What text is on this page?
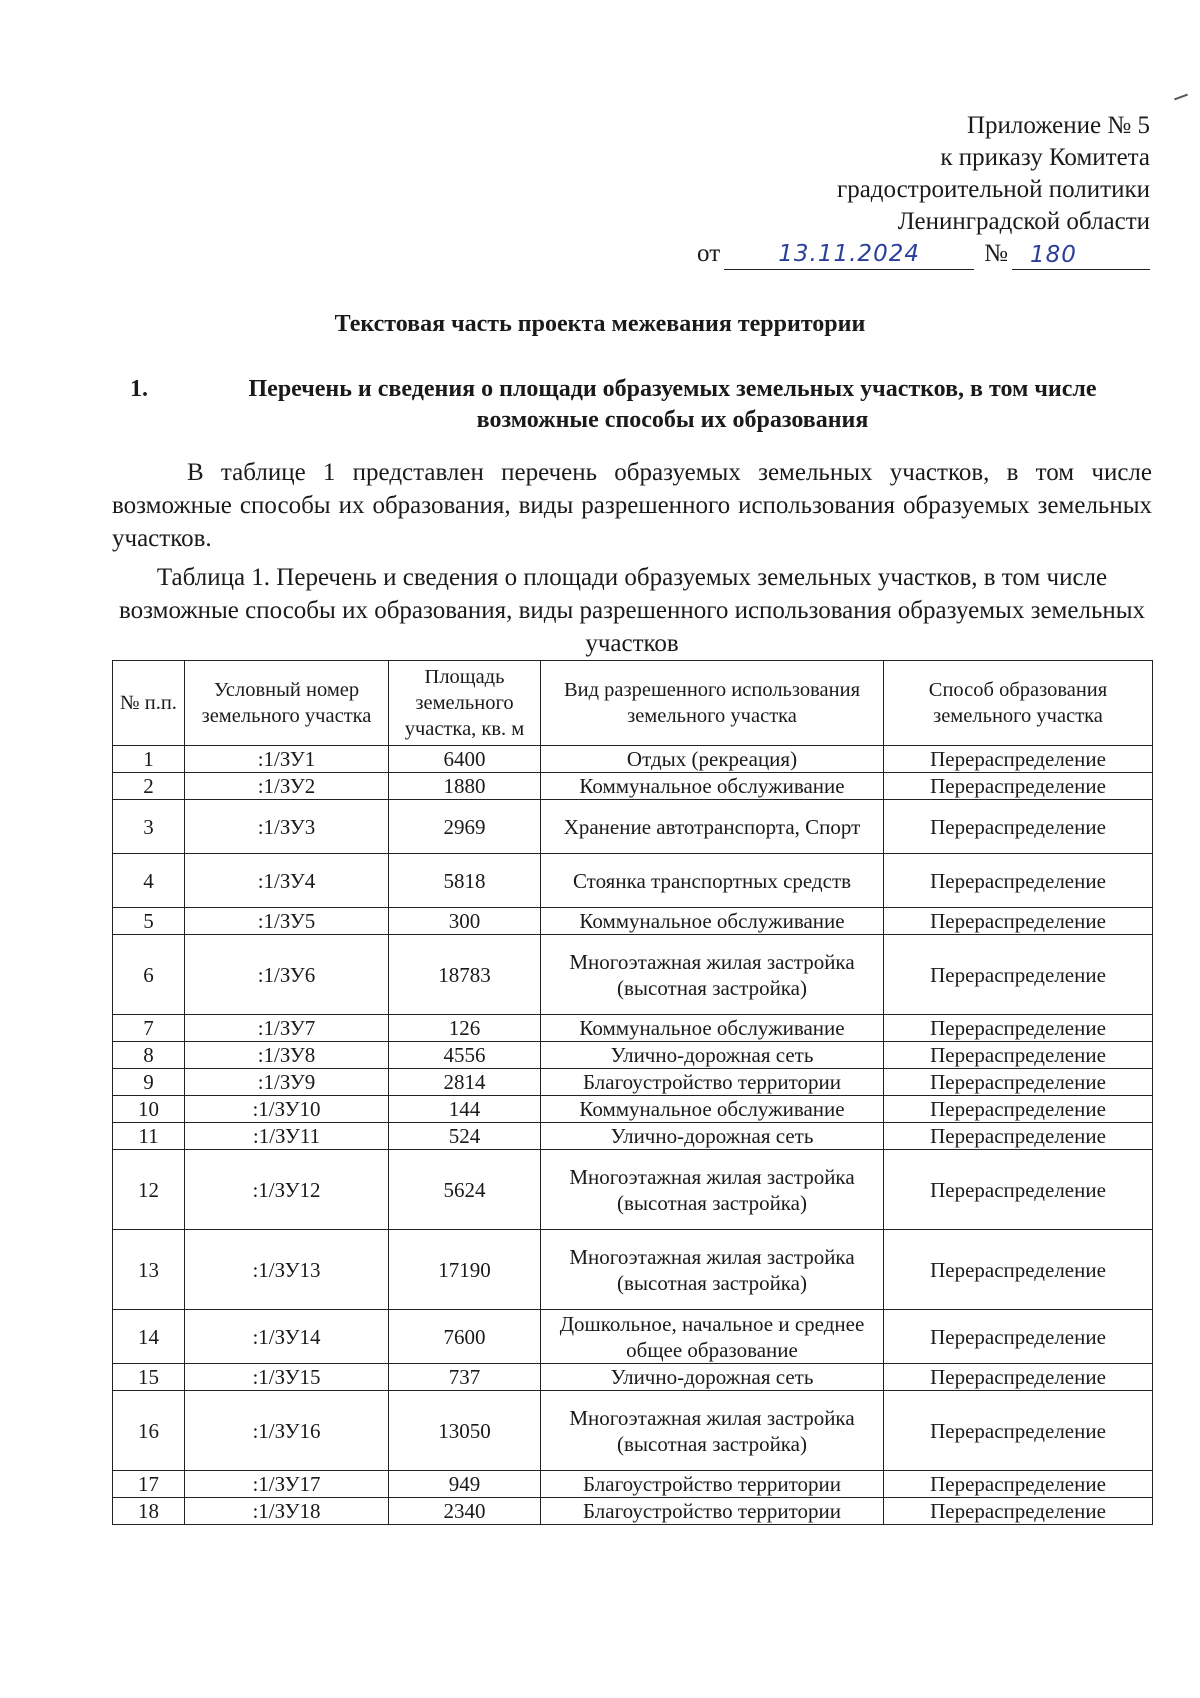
Приложение № 5
к приказу Комитета
градостроительной политики
Ленинградской области
от	13.11.2024	№ 180
Текстовая часть проекта межевания территории
1.	Перечень и сведения о площади образуемых земельных участков, в том числе возможные способы их образования
В таблице 1 представлен перечень образуемых земельных участков, в том числе возможные способы их образования, виды разрешенного использования образуемых земельных участков.
Таблица 1. Перечень и сведения о площади образуемых земельных участков, в том числе возможные способы их образования, виды разрешенного использования образуемых земельных участков
№ п.п.	Условный номер земельного участка	Площадь земельного участка, кв. м	Вид разрешенного использования земельного участка	Способ образования земельного участка
1	:1/ЗУ1	6400	Отдых (рекреация)	Перераспределение
2	:1/ЗУ2	1880	Коммунальное обслуживание	Перераспределение
3	:1/ЗУ3	2969	Хранение автотранспорта, Спорт	Перераспределение
4	:1/ЗУ4	5818	Стоянка транспортных средств	Перераспределение
5	:1/ЗУ5	300	Коммунальное обслуживание	Перераспределение
6	:1/ЗУ6	18783	Многоэтажная жилая застройка (высотная застройка)	Перераспределение
7	:1/ЗУ7	126	Коммунальное обслуживание	Перераспределение
8	:1/ЗУ8	4556	Улично-дорожная сеть	Перераспределение
9	:1/ЗУ9	2814	Благоустройство территории	Перераспределение
10	:1/ЗУ10	144	Коммунальное обслуживание	Перераспределение
11	:1/ЗУ11	524	Улично-дорожная сеть	Перераспределение
12	:1/ЗУ12	5624	Многоэтажная жилая застройка (высотная застройка)	Перераспределение
13	:1/ЗУ13	17190	Многоэтажная жилая застройка (высотная застройка)	Перераспределение
14	:1/ЗУ14	7600	Дошкольное, начальное и среднее общее образование	Перераспределение
15	:1/ЗУ15	737	Улично-дорожная сеть	Перераспределение
16	:1/ЗУ16	13050	Многоэтажная жилая застройка (высотная застройка)	Перераспределение
17	:1/ЗУ17	949	Благоустройство территории	Перераспределение
18	:1/ЗУ18	2340	Благоустройство территории	Перераспределение
